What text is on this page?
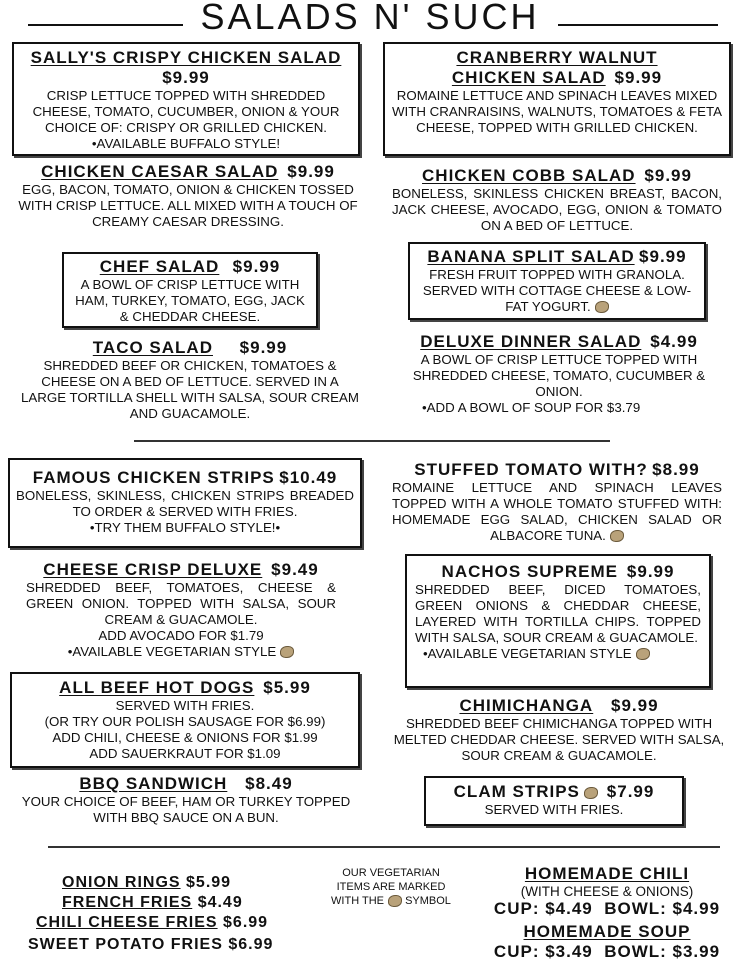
SALADS N' SUCH
SALLY'S CRISPY CHICKEN SALAD
$9.99
CRISP LETTUCE TOPPED WITH SHREDDED CHEESE, TOMATO, CUCUMBER, ONION & YOUR CHOICE OF: CRISPY OR GRILLED CHICKEN. •AVAILABLE BUFFALO STYLE!
CRANBERRY WALNUT
CHICKEN SALAD $9.99
ROMAINE LETTUCE AND SPINACH LEAVES MIXED WITH CRANRAISINS, WALNUTS, TOMATOES & FETA CHEESE, TOPPED WITH GRILLED CHICKEN.
CHICKEN CAESAR SALAD $9.99
EGG, BACON, TOMATO, ONION & CHICKEN TOSSED WITH CRISP LETTUCE. ALL MIXED WITH A TOUCH OF CREAMY CAESAR DRESSING.
CHICKEN COBB SALAD $9.99
BONELESS, SKINLESS CHICKEN BREAST, BACON, JACK CHEESE, AVOCADO, EGG, ONION & TOMATO ON A BED OF LETTUCE.
CHEF SALAD $9.99
A BOWL OF CRISP LETTUCE WITH HAM, TURKEY, TOMATO, EGG, JACK & CHEDDAR CHEESE.
BANANA SPLIT SALAD $9.99
FRESH FRUIT TOPPED WITH GRANOLA. SERVED WITH COTTAGE CHEESE & LOW-FAT YOGURT.
TACO SALAD $9.99
SHREDDED BEEF OR CHICKEN, TOMATOES & CHEESE ON A BED OF LETTUCE. SERVED IN A LARGE TORTILLA SHELL WITH SALSA, SOUR CREAM AND GUACAMOLE.
DELUXE DINNER SALAD $4.99
A BOWL OF CRISP LETTUCE TOPPED WITH SHREDDED CHEESE, TOMATO, CUCUMBER & ONION.
•ADD A BOWL OF SOUP FOR $3.79
FAMOUS CHICKEN STRIPS $10.49
BONELESS, SKINLESS, CHICKEN STRIPS BREADED TO ORDER & SERVED WITH FRIES.
•TRY THEM BUFFALO STYLE!•
STUFFED TOMATO WITH? $8.99
ROMAINE LETTUCE AND SPINACH LEAVES TOPPED WITH A WHOLE TOMATO STUFFED WITH: HOMEMADE EGG SALAD, CHICKEN SALAD OR ALBACORE TUNA.
CHEESE CRISP DELUXE $9.49
SHREDDED BEEF, TOMATOES, CHEESE & GREEN ONION. TOPPED WITH SALSA, SOUR CREAM & GUACAMOLE.
ADD AVOCADO FOR $1.79
•AVAILABLE VEGETARIAN STYLE
NACHOS SUPREME $9.99
SHREDDED BEEF, DICED TOMATOES, GREEN ONIONS & CHEDDAR CHEESE, LAYERED WITH TORTILLA CHIPS. TOPPED WITH SALSA, SOUR CREAM & GUACAMOLE.
•AVAILABLE VEGETARIAN STYLE
ALL BEEF HOT DOGS $5.99
SERVED WITH FRIES.
(OR TRY OUR POLISH SAUSAGE FOR $6.99)
ADD CHILI, CHEESE & ONIONS FOR $1.99
ADD SAUERKRAUT FOR $1.09
CHIMICHANGA $9.99
SHREDDED BEEF CHIMICHANGA TOPPED WITH MELTED CHEDDAR CHEESE. SERVED WITH SALSA, SOUR CREAM & GUACAMOLE.
BBQ SANDWICH $8.49
YOUR CHOICE OF BEEF, HAM OR TURKEY TOPPED WITH BBQ SAUCE ON A BUN.
CLAM STRIPS $7.99
SERVED WITH FRIES.
ONION RINGS $5.99
FRENCH FRIES $4.49
CHILI CHEESE FRIES $6.99
SWEET POTATO FRIES $6.99
OUR VEGETARIAN
ITEMS ARE MARKED
WITH THE SYMBOL
HOMEMADE CHILI
(WITH CHEESE & ONIONS)
CUP: $4.49 BOWL: $4.99
HOMEMADE SOUP
CUP: $3.49 BOWL: $3.99
